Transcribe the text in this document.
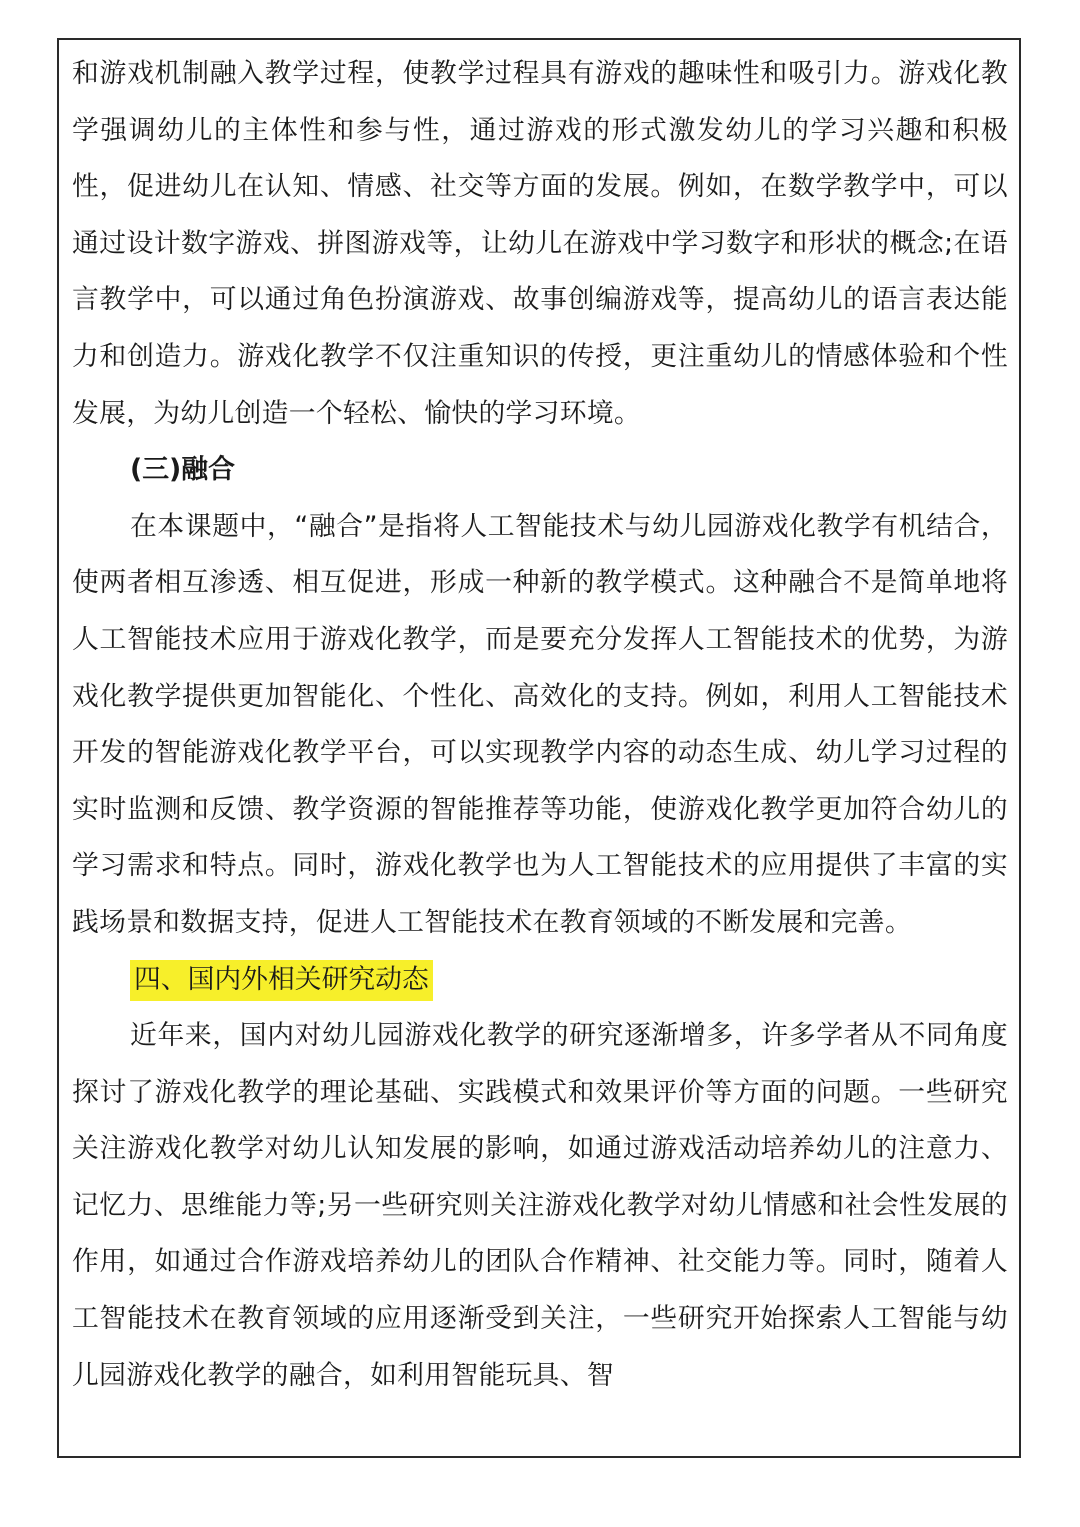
和游戏机制融入教学过程，使教学过程具有游戏的趣味性和吸引力。游戏化教学强调幼儿的主体性和参与性，通过游戏的形式激发幼儿的学习兴趣和积极性，促进幼儿在认知、情感、社交等方面的发展。例如，在数学教学中，可以通过设计数字游戏、拼图游戏等，让幼儿在游戏中学习数字和形状的概念;在语言教学中，可以通过角色扮演游戏、故事创编游戏等，提高幼儿的语言表达能力和创造力。游戏化教学不仅注重知识的传授，更注重幼儿的情感体验和个性发展，为幼儿创造一个轻松、愉快的学习环境。

(三)融合

在本课题中，“融合”是指将人工智能技术与幼儿园游戏化教学有机结合，使两者相互渗透、相互促进，形成一种新的教学模式。这种融合不是简单地将人工智能技术应用于游戏化教学，而是要充分发挥人工智能技术的优势，为游戏化教学提供更加智能化、个性化、高效化的支持。例如，利用人工智能技术开发的智能游戏化教学平台，可以实现教学内容的动态生成、幼儿学习过程的实时监测和反馈、教学资源的智能推荐等功能，使游戏化教学更加符合幼儿的学习需求和特点。同时，游戏化教学也为人工智能技术的应用提供了丰富的实践场景和数据支持，促进人工智能技术在教育领域的不断发展和完善。

四、国内外相关研究动态

近年来，国内对幼儿园游戏化教学的研究逐渐增多，许多学者从不同角度探讨了游戏化教学的理论基础、实践模式和效果评价等方面的问题。一些研究关注游戏化教学对幼儿认知发展的影响，如通过游戏活动培养幼儿的注意力、记忆力、思维能力等;另一些研究则关注游戏化教学对幼儿情感和社会性发展的作用，如通过合作游戏培养幼儿的团队合作精神、社交能力等。同时，随着人工智能技术在教育领域的应用逐渐受到关注，一些研究开始探索人工智能与幼儿园游戏化教学的融合，如利用智能玩具、智
